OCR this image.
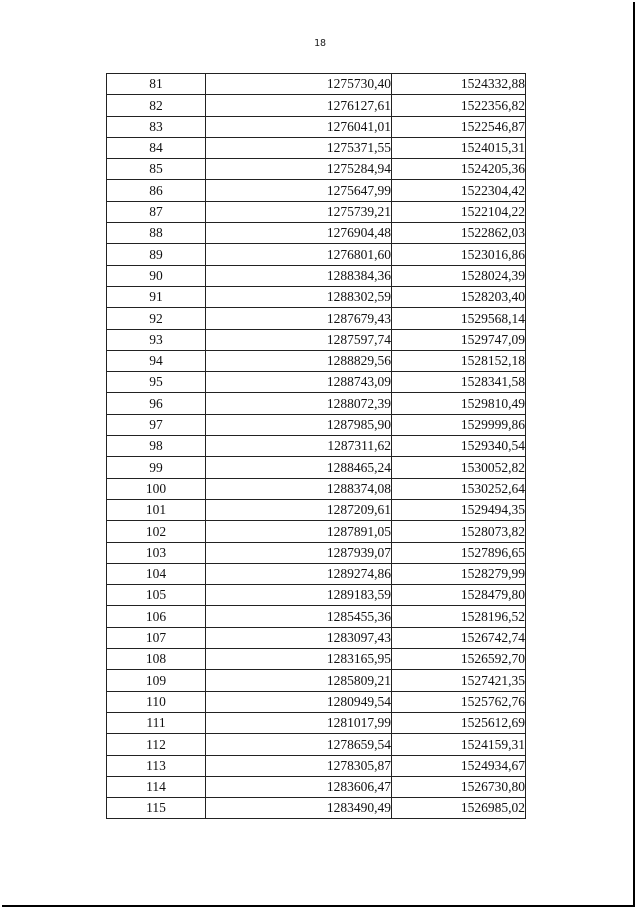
18
81	1275730,40	1524332,88
82	1276127,61	1522356,82
83	1276041,01	1522546,87
84	1275371,55	1524015,31
85	1275284,94	1524205,36
86	1275647,99	1522304,42
87	1275739,21	1522104,22
88	1276904,48	1522862,03
89	1276801,60	1523016,86
90	1288384,36	1528024,39
91	1288302,59	1528203,40
92	1287679,43	1529568,14
93	1287597,74	1529747,09
94	1288829,56	1528152,18
95	1288743,09	1528341,58
96	1288072,39	1529810,49
97	1287985,90	1529999,86
98	1287311,62	1529340,54
99	1288465,24	1530052,82
100	1288374,08	1530252,64
101	1287209,61	1529494,35
102	1287891,05	1528073,82
103	1287939,07	1527896,65
104	1289274,86	1528279,99
105	1289183,59	1528479,80
106	1285455,36	1528196,52
107	1283097,43	1526742,74
108	1283165,95	1526592,70
109	1285809,21	1527421,35
110	1280949,54	1525762,76
111	1281017,99	1525612,69
112	1278659,54	1524159,31
113	1278305,87	1524934,67
114	1283606,47	1526730,80
115	1283490,49	1526985,02
